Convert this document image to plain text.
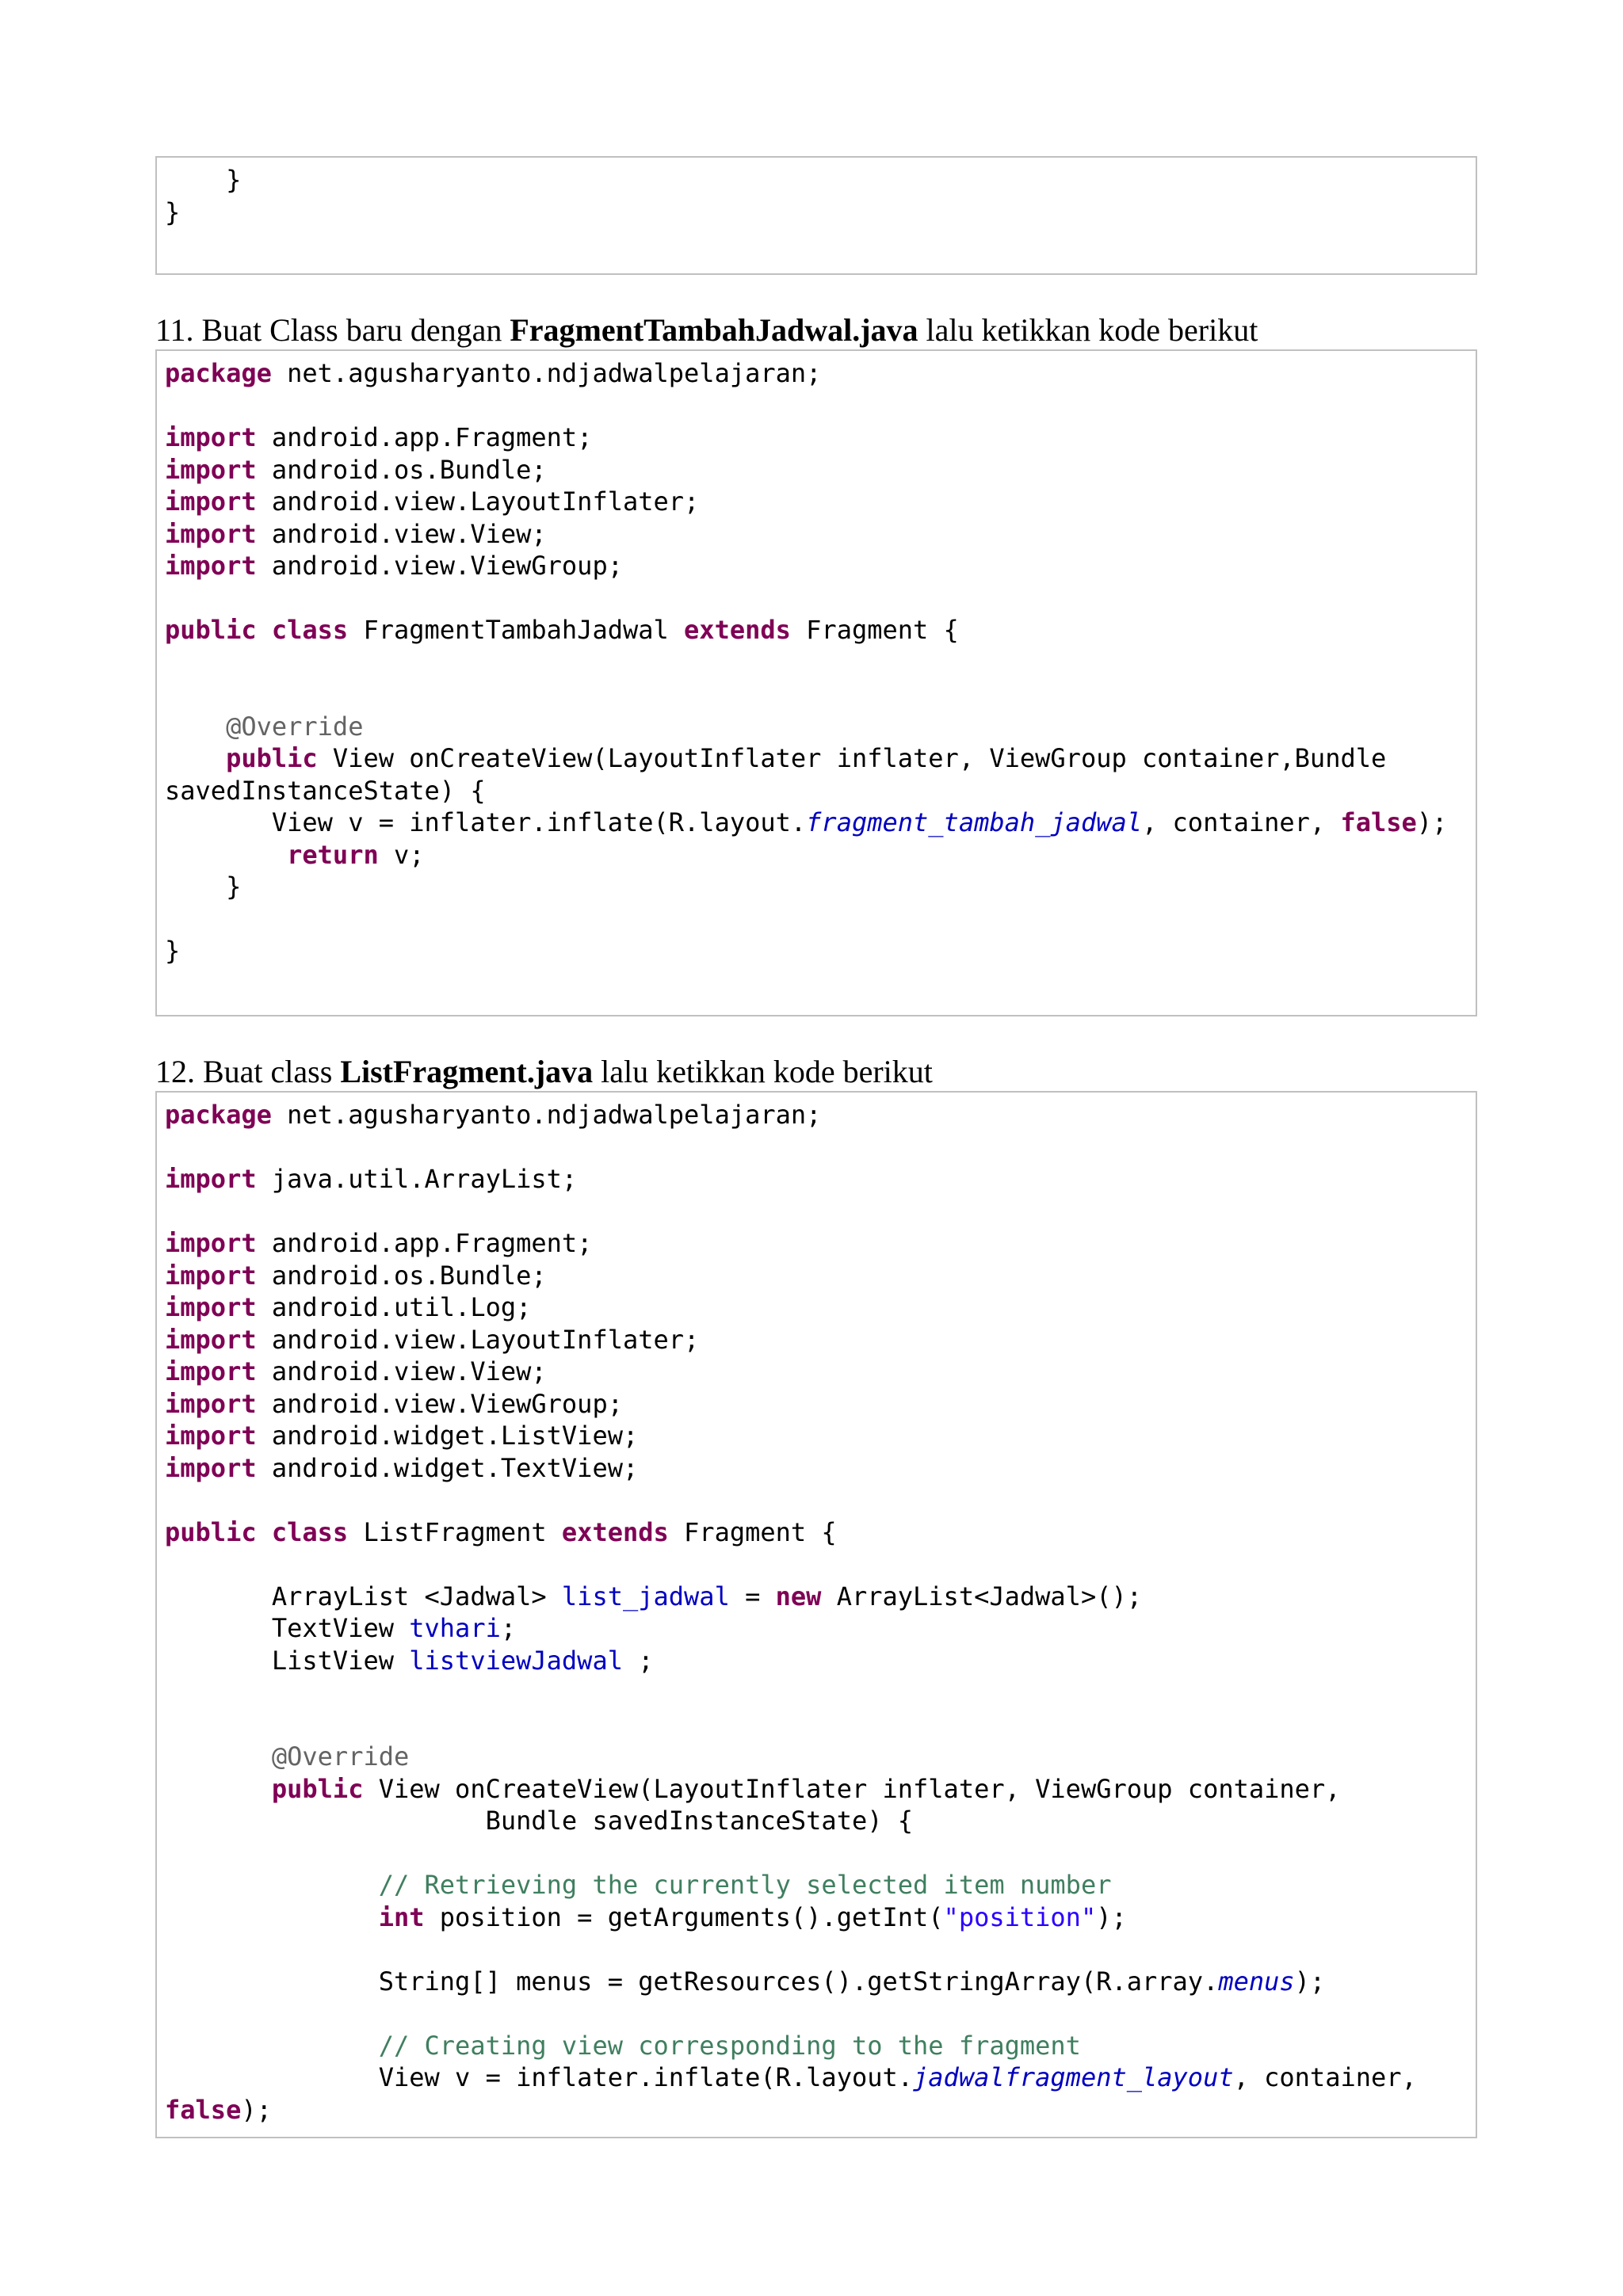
}
}
11. Buat Class baru dengan FragmentTambahJadwal.java lalu ketikkan kode berikut
package net.agusharyanto.ndjadwalpelajaran;

import android.app.Fragment;
import android.os.Bundle;
import android.view.LayoutInflater;
import android.view.View;
import android.view.ViewGroup;

public class FragmentTambahJadwal extends Fragment {

@Override
public View onCreateView(LayoutInflater inflater, ViewGroup container,Bundle
savedInstanceState) {
View v = inflater.inflate(R.layout.fragment_tambah_jadwal, container, false);
return v;
}

}
12. Buat class ListFragment.java lalu ketikkan kode berikut
package net.agusharyanto.ndjadwalpelajaran;

import java.util.ArrayList;

import android.app.Fragment;
import android.os.Bundle;
import android.util.Log;
import android.view.LayoutInflater;
import android.view.View;
import android.view.ViewGroup;
import android.widget.ListView;
import android.widget.TextView;

public class ListFragment extends Fragment {

ArrayList <Jadwal> list_jadwal = new ArrayList<Jadwal>();
TextView tvhari;
ListView listviewJadwal ;

@Override
public View onCreateView(LayoutInflater inflater, ViewGroup container,
Bundle savedInstanceState) {

// Retrieving the currently selected item number
int position = getArguments().getInt("position");

String[] menus = getResources().getStringArray(R.array.menus);

// Creating view corresponding to the fragment
View v = inflater.inflate(R.layout.jadwalfragment_layout, container,
false);
